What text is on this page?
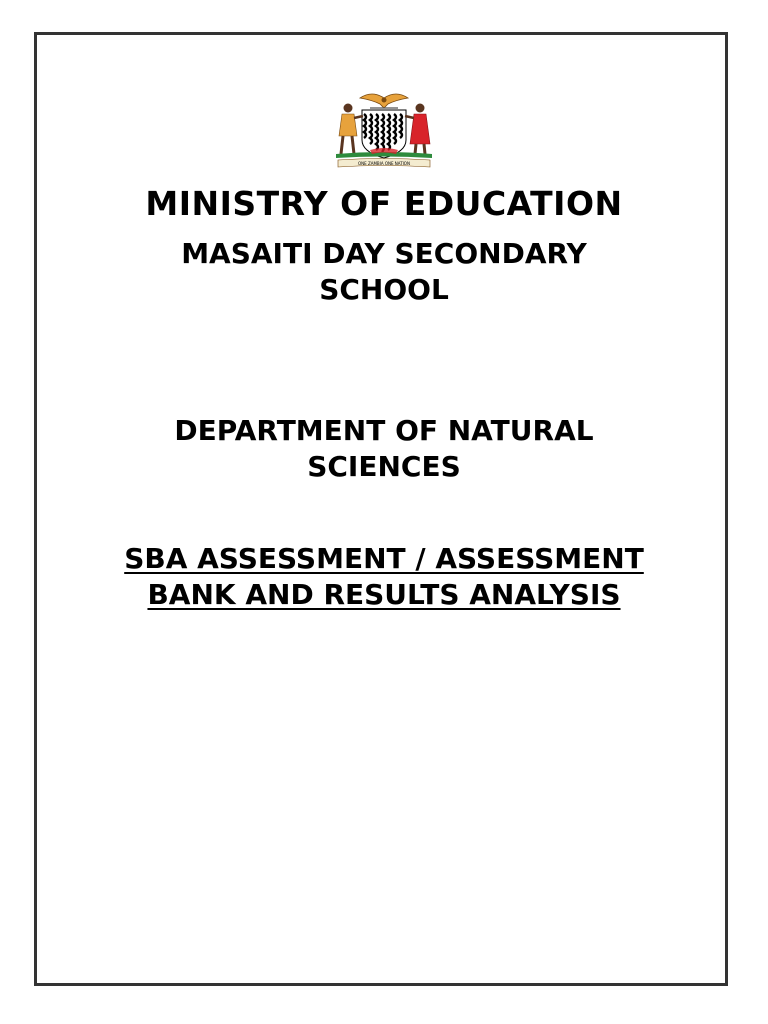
ONE ZAMBIA ONE NATION
MINISTRY OF EDUCATION
MASAITI DAY SECONDARY SCHOOL
DEPARTMENT OF NATURAL SCIENCES
SBA ASSESSMENT / ASSESSMENT BANK AND RESULTS ANALYSIS
